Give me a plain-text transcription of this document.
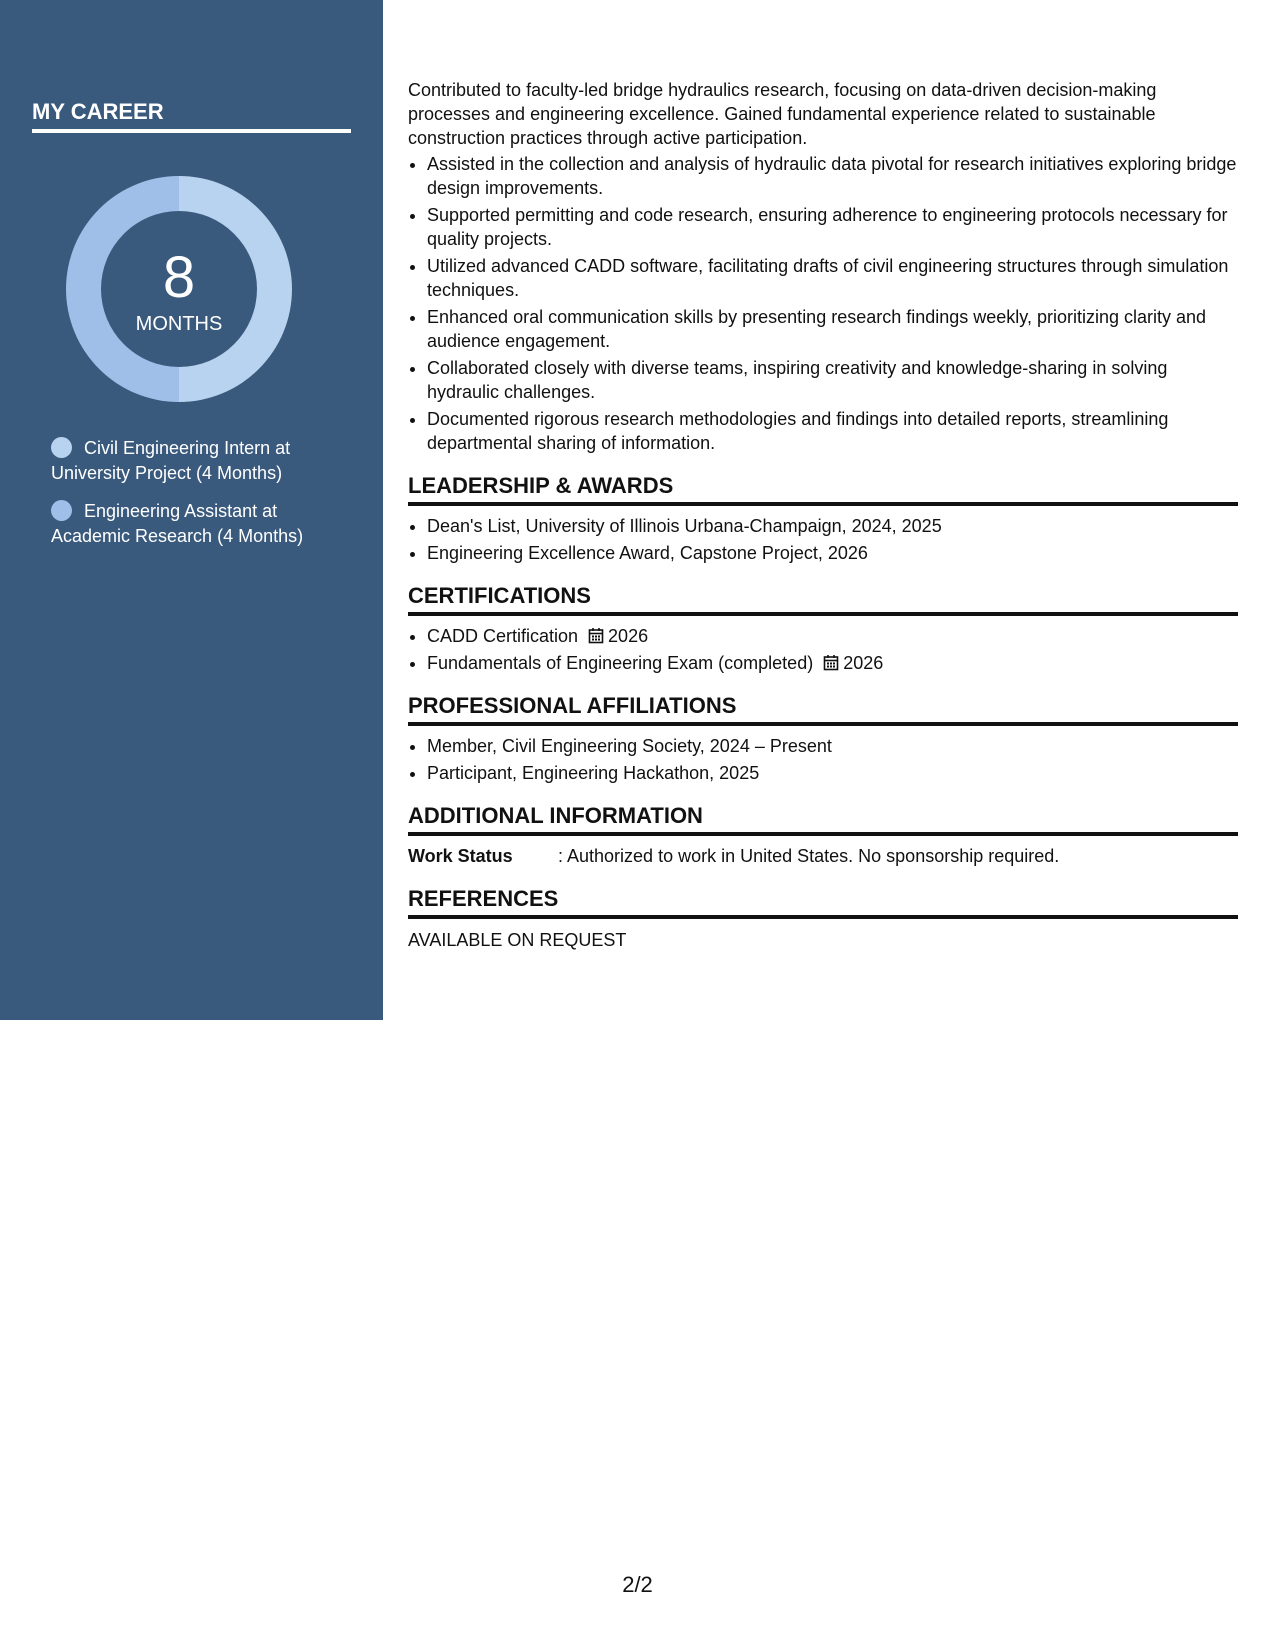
MY CAREER
8
MONTHS
Civil Engineering Intern at University Project (4 Months)
Engineering Assistant at Academic Research (4 Months)

Contributed to faculty-led bridge hydraulics research, focusing on data-driven decision-making processes and engineering excellence. Gained fundamental experience related to sustainable construction practices through active participation.

• Assisted in the collection and analysis of hydraulic data pivotal for research initiatives exploring bridge design improvements.
• Supported permitting and code research, ensuring adherence to engineering protocols necessary for quality projects.
• Utilized advanced CADD software, facilitating drafts of civil engineering structures through simulation techniques.
• Enhanced oral communication skills by presenting research findings weekly, prioritizing clarity and audience engagement.
• Collaborated closely with diverse teams, inspiring creativity and knowledge-sharing in solving hydraulic challenges.
• Documented rigorous research methodologies and findings into detailed reports, streamlining departmental sharing of information.
LEADERSHIP & AWARDS
• Dean's List, University of Illinois Urbana-Champaign, 2024, 2025
• Engineering Excellence Award, Capstone Project, 2026
CERTIFICATIONS
• CADD Certification 2026
• Fundamentals of Engineering Exam (completed) 2026
PROFESSIONAL AFFILIATIONS
• Member, Civil Engineering Society, 2024 – Present
• Participant, Engineering Hackathon, 2025
ADDITIONAL INFORMATION
Work Status	: Authorized to work in United States. No sponsorship required.
REFERENCES

AVAILABLE ON REQUEST

2/2
